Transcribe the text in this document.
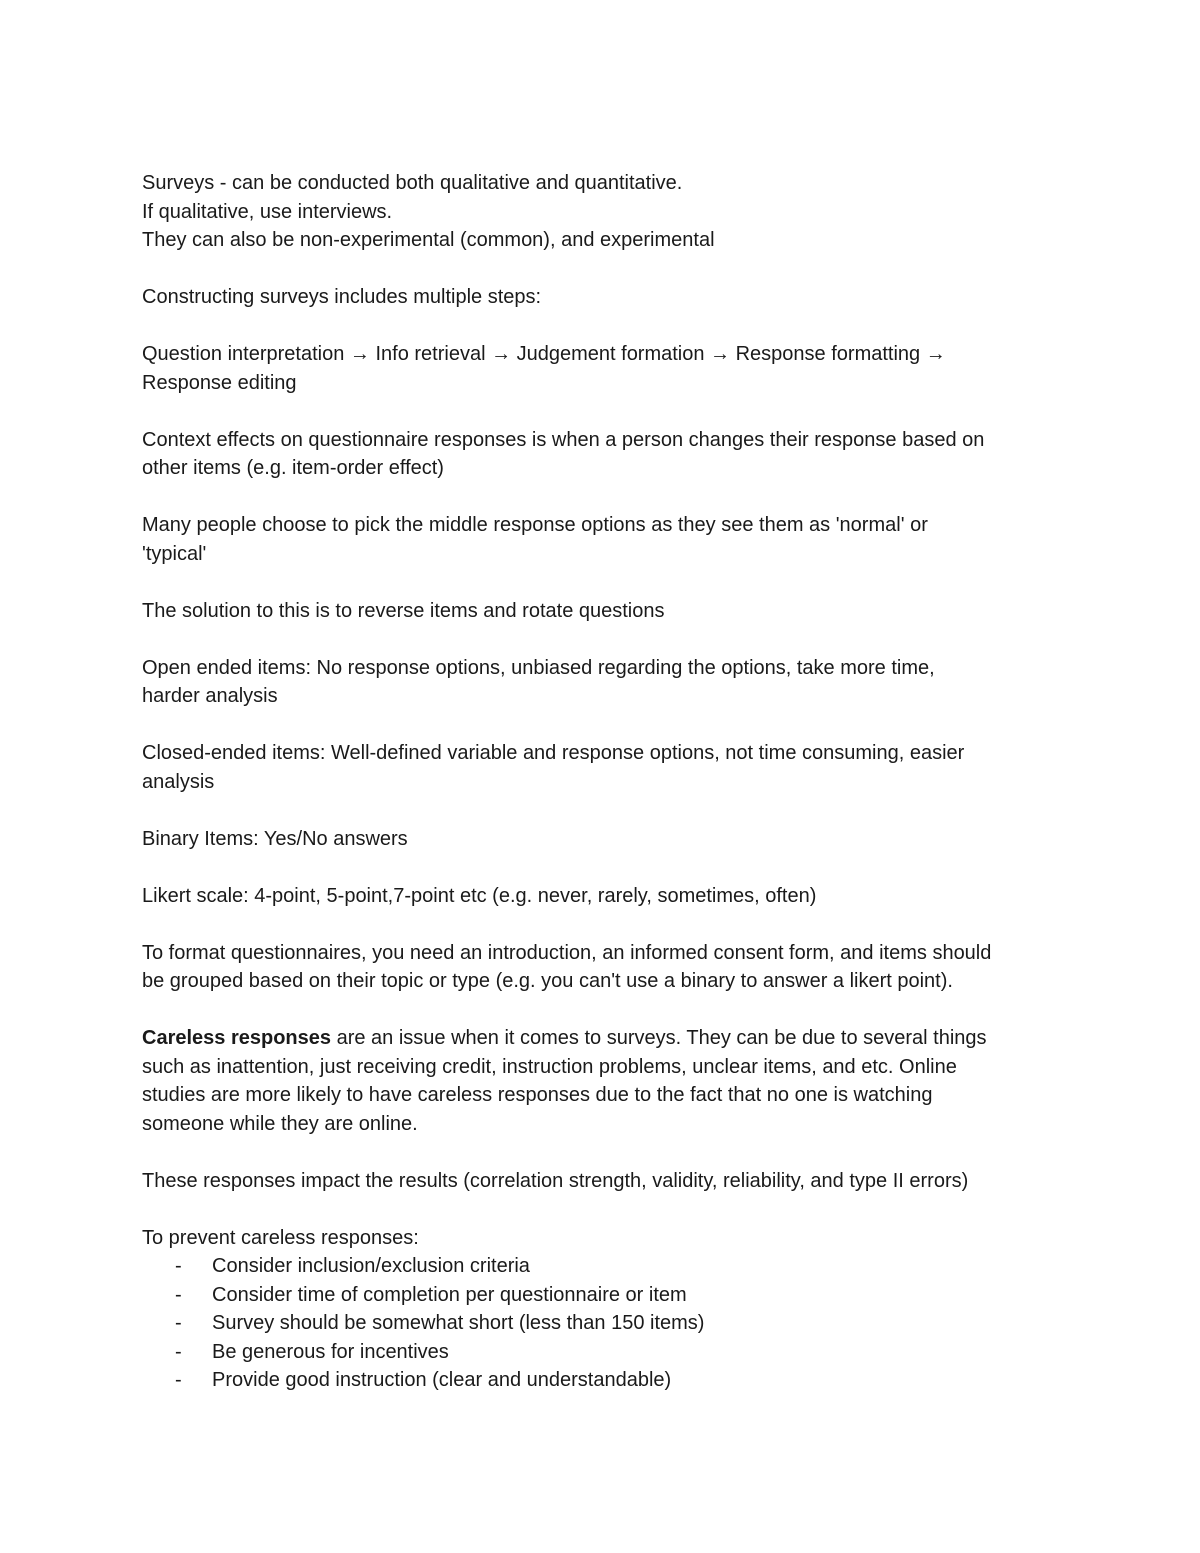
Surveys - can be conducted both qualitative and quantitative.
If qualitative, use interviews.
They can also be non-experimental (common), and experimental
Constructing surveys includes multiple steps:
Question interpretation → Info retrieval → Judgement formation → Response formatting →
Response editing
Context effects on questionnaire responses is when a person changes their response based on
other items (e.g. item-order effect)
Many people choose to pick the middle response options as they see them as 'normal' or
'typical'
The solution to this is to reverse items and rotate questions
Open ended items: No response options, unbiased regarding the options, take more time,
harder analysis
Closed-ended items: Well-defined variable and response options, not time consuming, easier
analysis
Binary Items: Yes/No answers
Likert scale: 4-point, 5-point,7-point etc (e.g. never, rarely, sometimes, often)
To format questionnaires, you need an introduction, an informed consent form, and items should
be grouped based on their topic or type (e.g. you can't use a binary to answer a likert point).
Careless responses are an issue when it comes to surveys. They can be due to several things
such as inattention, just receiving credit, instruction problems, unclear items, and etc. Online
studies are more likely to have careless responses due to the fact that no one is watching
someone while they are online.
These responses impact the results (correlation strength, validity, reliability, and type II errors)
To prevent careless responses:
- Consider inclusion/exclusion criteria
- Consider time of completion per questionnaire or item
- Survey should be somewhat short (less than 150 items)
- Be generous for incentives
- Provide good instruction (clear and understandable)
